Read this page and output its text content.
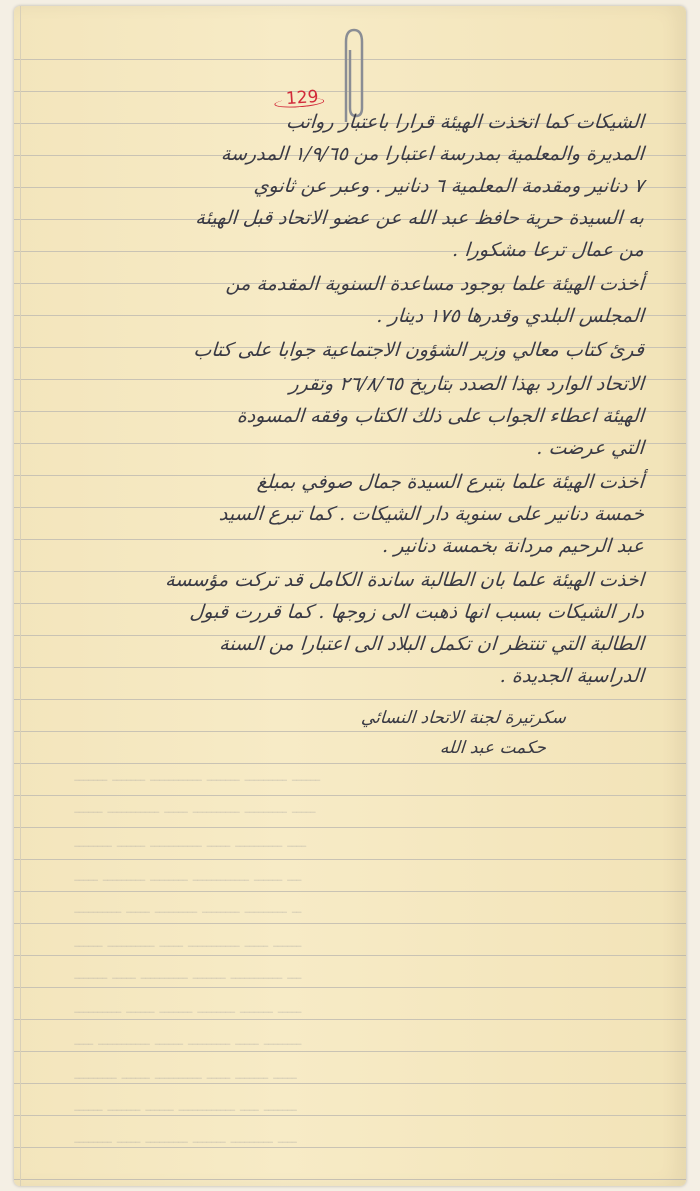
129
الشيكات كما اتخذت الهيئة قرارا باعتبار رواتب
المديرة والمعلمية بمدرسة اعتبارا من ١/٩/٦٥ المدرسة
٧ دنانير ومقدمة المعلمية ٦ دنانير . وعبر عن ثانوي
به السيدة حرية حافظ عبد الله عن عضو الاتحاد قبل الهيئة
من عمال ترعا مشكورا .
أخذت الهيئة علما بوجود مساعدة السنوية المقدمة من
المجلس البلدي وقدرها ١٧٥ دينار .
قرئ كتاب معالي وزير الشؤون الاجتماعية جوابا على كتاب
الاتحاد الوارد بهذا الصدد بتاريخ ٢٦/٨/٦٥ وتقرر
الهيئة اعطاء الجواب على ذلك الكتاب وفقه المسودة
التي عرضت .
أخذت الهيئة علما بتبرع السيدة جمال صوفي بمبلغ
خمسة دنانير على سنوية دار الشيكات . كما تبرع السيد
عبد الرحيم مردانة بخمسة دنانير .
اخذت الهيئة علما بان الطالبة ساندة الكامل قد تركت مؤسسة
دار الشيكات بسبب انها ذهبت الى زوجها . كما قررت قبول
الطالبة التي تنتظر ان تكمل البلاد الى اعتبارا من السنة
الدراسية الجديدة .
سكرتيرة لجنة الاتحاد النسائي
حكمت عبد الله
ـــــــ ـــــــ ـــــــــــ ـــــــ ـــــــــ ــــــ
ــــــ ـــــــــــ ـــــ ــــــــــ ـــــــــ ـــــ
ــــــــ ــــــ ـــــــــــ ـــــ ــــــــــ ــــ
ـــــ ـــــــــ ــــــــ ــــــــــــ ــــــ ـــ
ــــــــــ ـــــ ـــــــــ ــــــــ ـــــــــ ــ
ــــــ ــــــــــ ـــــ ـــــــــــ ـــــ ــــــ
ـــــــ ـــــ ــــــــــ ـــــــ ـــــــــــ ـــ
ــــــــــ ــــــ ـــــــ ــــــــ ـــــــ ـــــ
ــــ ـــــــــــ ــــــ ـــــــــ ـــــ ــــــــ
ـــــــــ ــــــ ــــــــــ ـــــ ـــــــ ـــــ
ــــــ ـــــــ ــــــ ــــــــــــ ــــ ـــــــ
ــــــــ ـــــ ـــــــــ ـــــــ ـــــــــ ــــ
